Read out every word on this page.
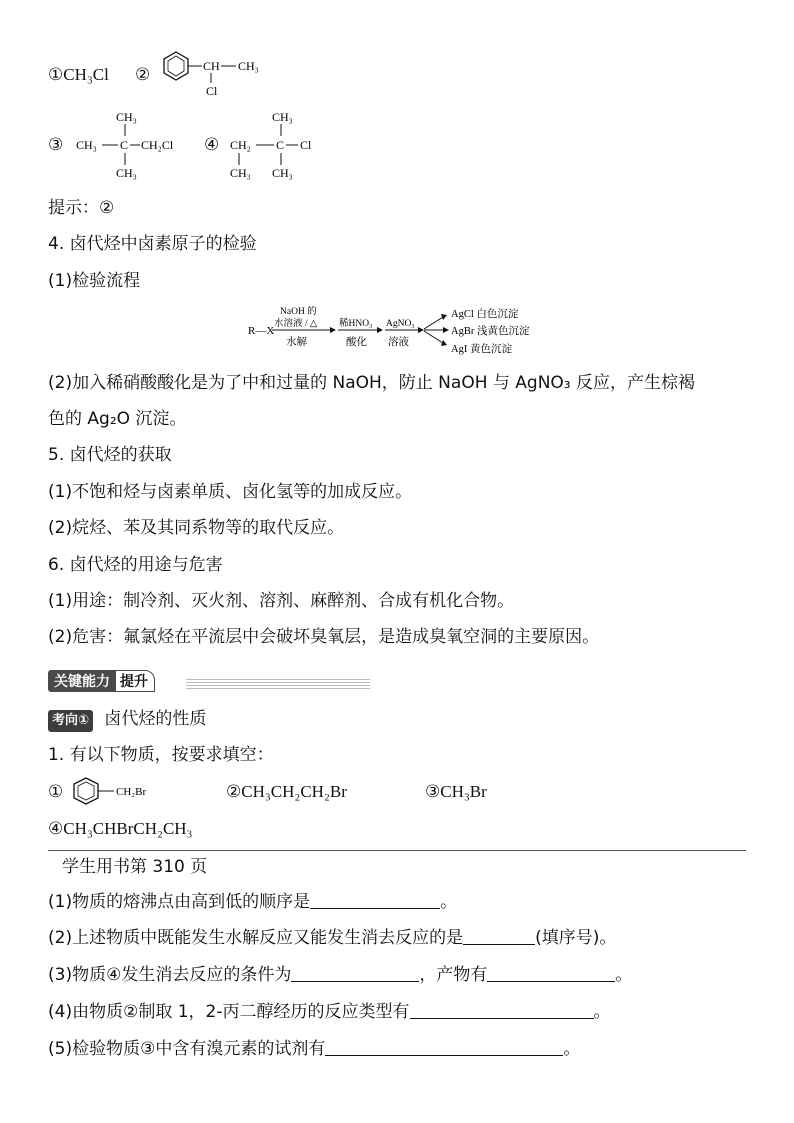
①CH₃Cl ②	CH CH₃
Cl
③
CH₃
CH₃ C CH₂Cl
CH₃
④
CH₃
CH₂ C Cl
CH₃ CH₃
提示：②
4. 卤代烃中卤素原子的检验
(1)检验流程
R—X
NaOH 的
水溶液 / △
水解
稀HNO₃
酸化
AgNO₃
溶液
AgCl 白色沉淀
AgBr 浅黄色沉淀
AgI 黄色沉淀
(2)加入稀硝酸酸化是为了中和过量的 NaOH，防止 NaOH 与 AgNO₃ 反应，产生棕褐
色的 Ag₂O 沉淀。
5. 卤代烃的获取
(1)不饱和烃与卤素单质、卤化氢等的加成反应。
(2)烷烃、苯及其同系物等的取代反应。
6. 卤代烃的用途与危害
(1)用途：制冷剂、灭火剂、溶剂、麻醉剂、合成有机化合物。
(2)危害：氟氯烃在平流层中会破坏臭氧层，是造成臭氧空洞的主要原因。
关键能力 提升
考向① 卤代烃的性质
1. 有以下物质，按要求填空：
①	CH₂Br	②CH₃CH₂CH₂Br	③CH₃Br
④CH₃CHBrCH₂CH₃
学生用书第 310 页
(1)物质的熔沸点由高到低的顺序是	。
(2)上述物质中既能发生水解反应又能发生消去反应的是	(填序号)。
(3)物质④发生消去反应的条件为	，产物有	。
(4)由物质②制取 1，2-丙二醇经历的反应类型有	。
(5)检验物质③中含有溴元素的试剂有	。
